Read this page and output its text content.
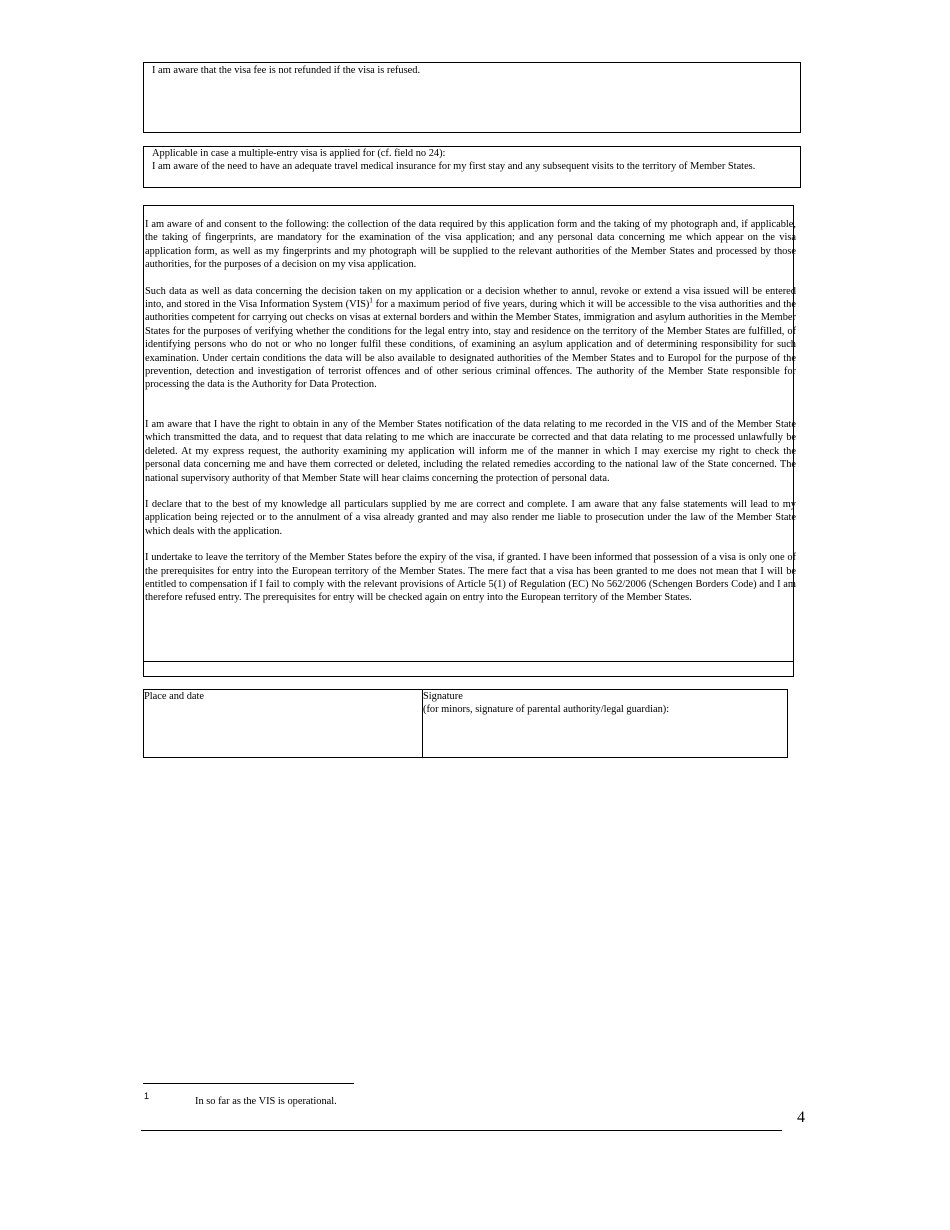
I am aware that the visa fee is not refunded if the visa is refused.

Applicable in case a multiple-entry visa is applied for (cf. field no 24):

I am aware of the need to have an adequate travel medical insurance for my first stay and any subsequent visits to the territory of Member States.

I am aware of and consent to the following: the collection of the data required by this application form and the taking of my photograph and, if applicable, the taking of fingerprints, are mandatory for the examination of the visa application; and any personal data concerning me which appear on the visa application form, as well as my fingerprints and my photograph will be supplied to the relevant authorities of the Member States and processed by those authorities, for the purposes of a decision on my visa application.

Such data as well as data concerning the decision taken on my application or a decision whether to annul, revoke or extend a visa issued will be entered into, and stored in the Visa Information System (VIS)$^1$ for a maximum period of five years, during which it will be accessible to the visa authorities and the authorities competent for carrying out checks on visas at external borders and within the Member States, immigration and asylum authorities in the Member States for the purposes of verifying whether the conditions for the legal entry into, stay and residence on the territory of the Member States are fulfilled, of identifying persons who do not or who no longer fulfil these conditions, of examining an asylum application and of determining responsibility for such examination. Under certain conditions the data will be also available to designated authorities of the Member States and to Europol for the purpose of the prevention, detection and investigation of terrorist offences and of other serious criminal offences. The authority of the Member State responsible for processing the data is the Authority for Data Protection.

I am aware that I have the right to obtain in any of the Member States notification of the data relating to me recorded in the VIS and of the Member State which transmitted the data, and to request that data relating to me which are inaccurate be corrected and that data relating to me processed unlawfully be deleted. At my express request, the authority examining my application will inform me of the manner in which I may exercise my right to check the personal data concerning me and have them corrected or deleted, including the related remedies according to the national law of the State concerned. The national supervisory authority of that Member State will hear claims concerning the protection of personal data.

I declare that to the best of my knowledge all particulars supplied by me are correct and complete. I am aware that any false statements will lead to my application being rejected or to the annulment of a visa already granted and may also render me liable to prosecution under the law of the Member State which deals with the application.

I undertake to leave the territory of the Member States before the expiry of the visa, if granted. I have been informed that possession of a visa is only one of the prerequisites for entry into the European territory of the Member States. The mere fact that a visa has been granted to me does not mean that I will be entitled to compensation if I fail to comply with the relevant provisions of Article 5(1) of Regulation (EC) No 562/2006 (Schengen Borders Code) and I am therefore refused entry. The prerequisites for entry will be checked again on entry into the European territory of the Member States.

Place and date	Signature
(for minors, signature of parental authority/legal guardian):
1	In so far as the VIS is operational.
4
